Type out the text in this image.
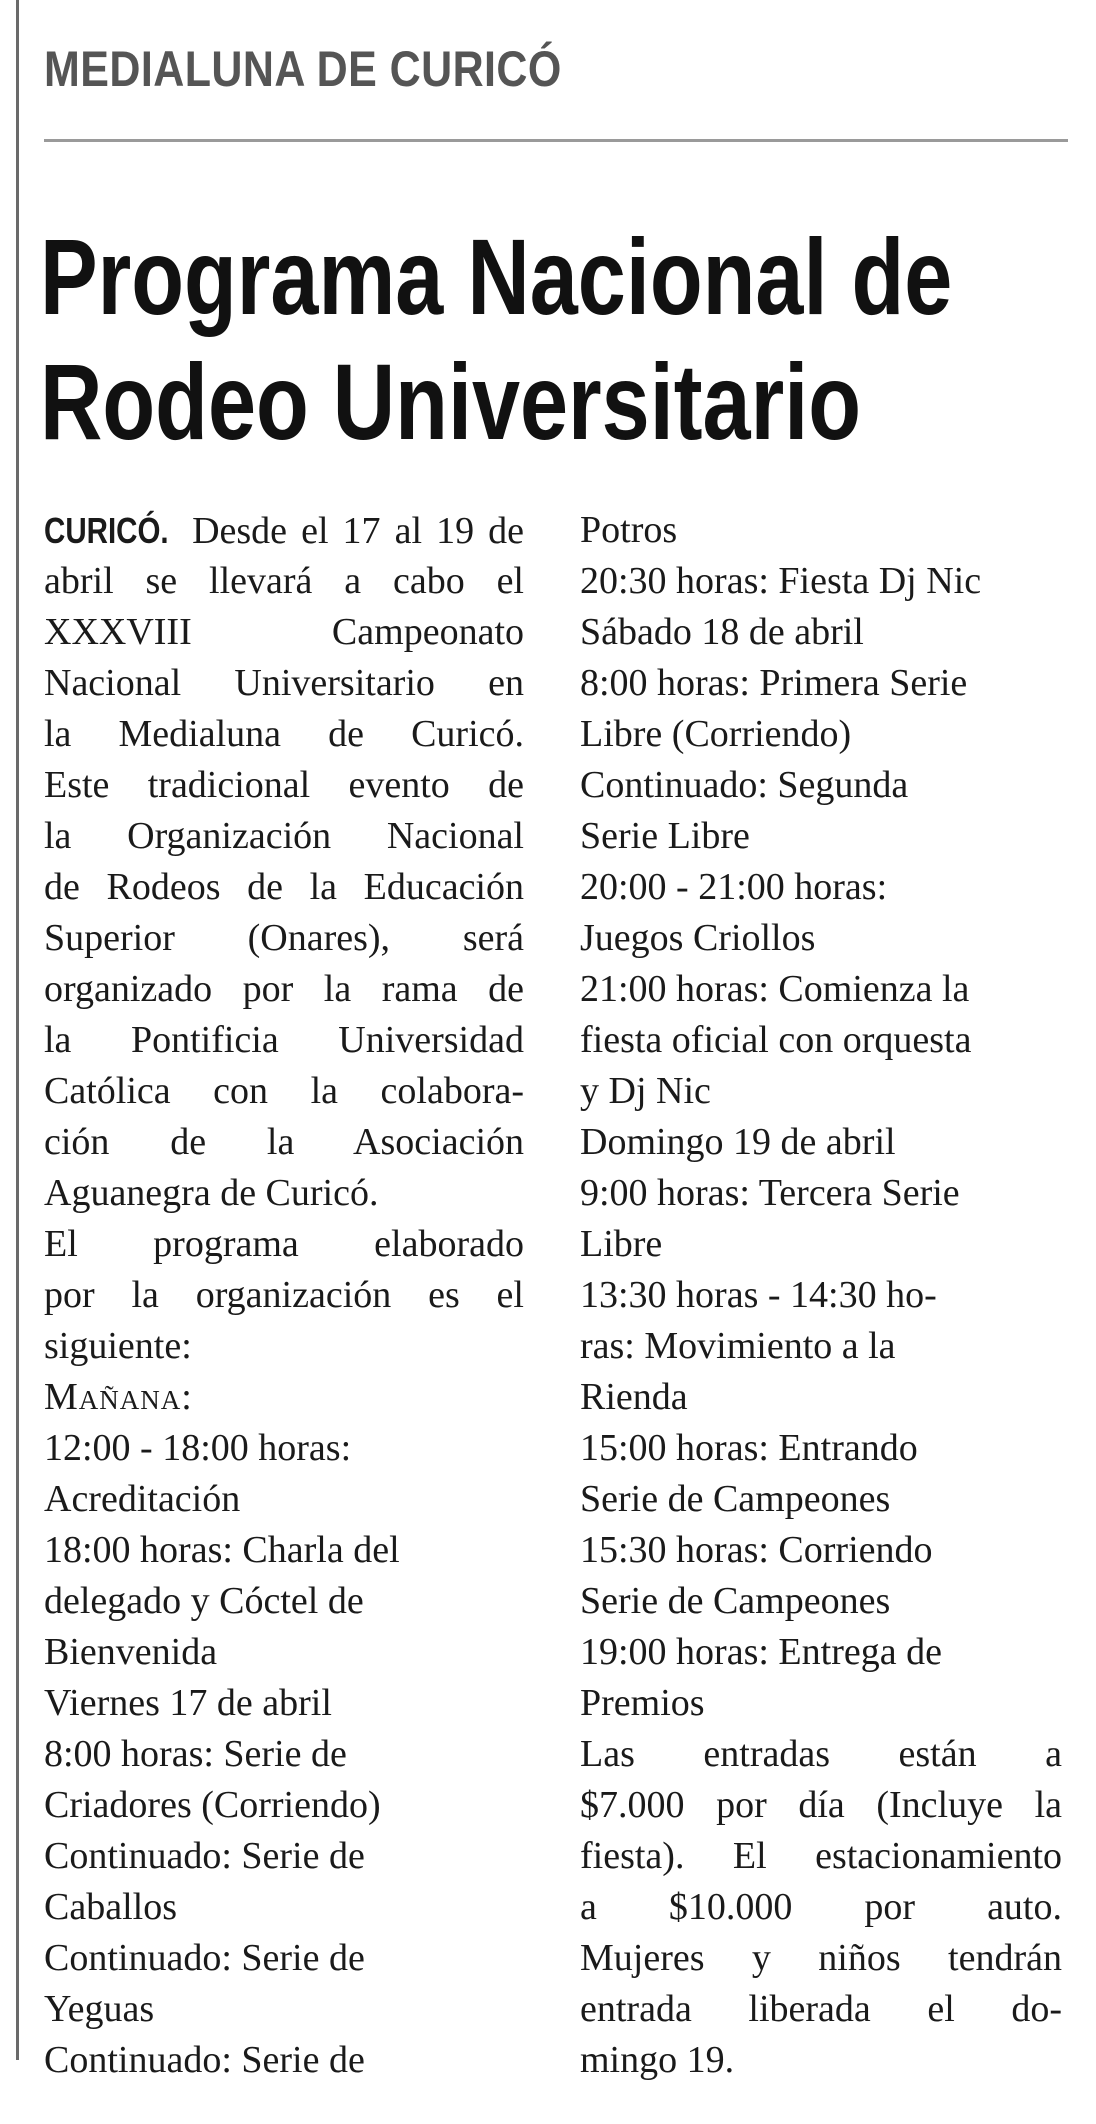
MEDIALUNA DE CURICÓ
Programa Nacional de
Rodeo Universitario
CURICÓ. Desde el 17 al 19 de
abril se llevará a cabo el
XXXVIII Campeonato
Nacional Universitario en
la Medialuna de Curicó.
Este tradicional evento de
la Organización Nacional
de Rodeos de la Educación
Superior (Onares), será
organizado por la rama de
la Pontificia Universidad
Católica con la colabora-
ción de la Asociación
Aguanegra de Curicó.
El programa elaborado
por la organización es el
siguiente:
Mañana:
12:00 - 18:00 horas:
Acreditación
18:00 horas: Charla del
delegado y Cóctel de
Bienvenida
Viernes 17 de abril
8:00 horas: Serie de
Criadores (Corriendo)
Continuado: Serie de
Caballos
Continuado: Serie de
Yeguas
Continuado: Serie de
Potros
20:30 horas: Fiesta Dj Nic
Sábado 18 de abril
8:00 horas: Primera Serie
Libre (Corriendo)
Continuado: Segunda
Serie Libre
20:00 - 21:00 horas:
Juegos Criollos
21:00 horas: Comienza la
fiesta oficial con orquesta
y Dj Nic
Domingo 19 de abril
9:00 horas: Tercera Serie
Libre
13:30 horas - 14:30 ho-
ras: Movimiento a la
Rienda
15:00 horas: Entrando
Serie de Campeones
15:30 horas: Corriendo
Serie de Campeones
19:00 horas: Entrega de
Premios
Las entradas están a
$7.000 por día (Incluye la
fiesta). El estacionamiento
a $10.000 por auto.
Mujeres y niños tendrán
entrada liberada el do-
mingo 19.
